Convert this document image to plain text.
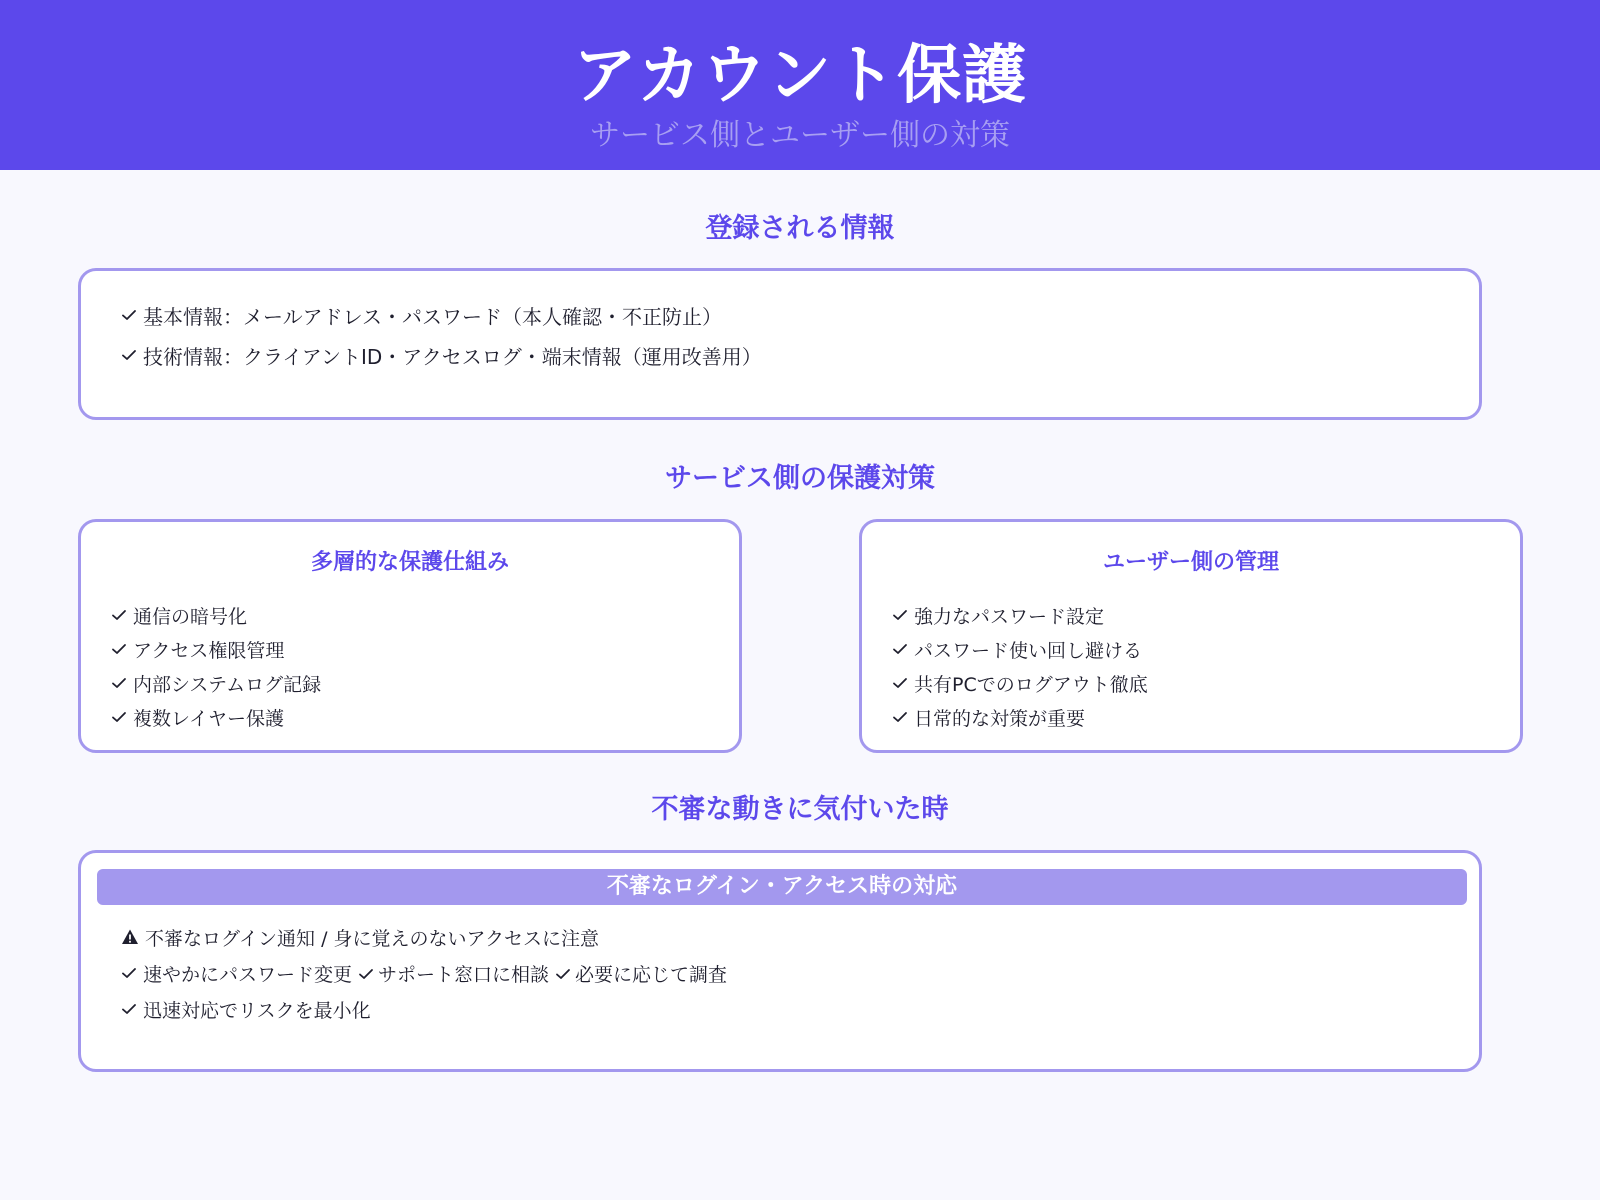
アカウント保護
サービス側とユーザー側の対策
登録される情報
基本情報：メールアドレス・パスワード（本人確認・不正防止）
技術情報：クライアントID・アクセスログ・端末情報（運用改善用）
サービス側の保護対策
多層的な保護仕組み
通信の暗号化
アクセス権限管理
内部システムログ記録
複数レイヤー保護
ユーザー側の管理
強力なパスワード設定
パスワード使い回し避ける
共有PCでのログアウト徹底
日常的な対策が重要
不審な動きに気付いた時
不審なログイン・アクセス時の対応
不審なログイン通知 / 身に覚えのないアクセスに注意
速やかにパスワード変更 サポート窓口に相談 必要に応じて調査
迅速対応でリスクを最小化
